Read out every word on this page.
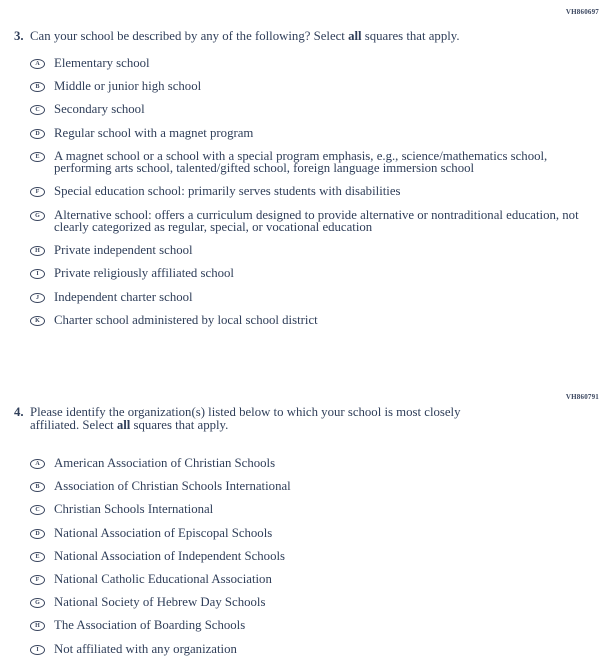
VH860697
3. Can your school be described by any of the following? Select all squares that apply.
A Elementary school
B Middle or junior high school
C Secondary school
D Regular school with a magnet program
E A magnet school or a school with a special program emphasis, e.g., science/mathematics school, performing arts school, talented/gifted school, foreign language immersion school
F Special education school: primarily serves students with disabilities
G Alternative school: offers a curriculum designed to provide alternative or nontraditional education, not clearly categorized as regular, special, or vocational education
H Private independent school
I Private religiously affiliated school
J Independent charter school
K Charter school administered by local school district
VH860791
4. Please identify the organization(s) listed below to which your school is most closely affiliated. Select all squares that apply.
A American Association of Christian Schools
B Association of Christian Schools International
C Christian Schools International
D National Association of Episcopal Schools
E National Association of Independent Schools
F National Catholic Educational Association
G National Society of Hebrew Day Schools
H The Association of Boarding Schools
I Not affiliated with any organization
